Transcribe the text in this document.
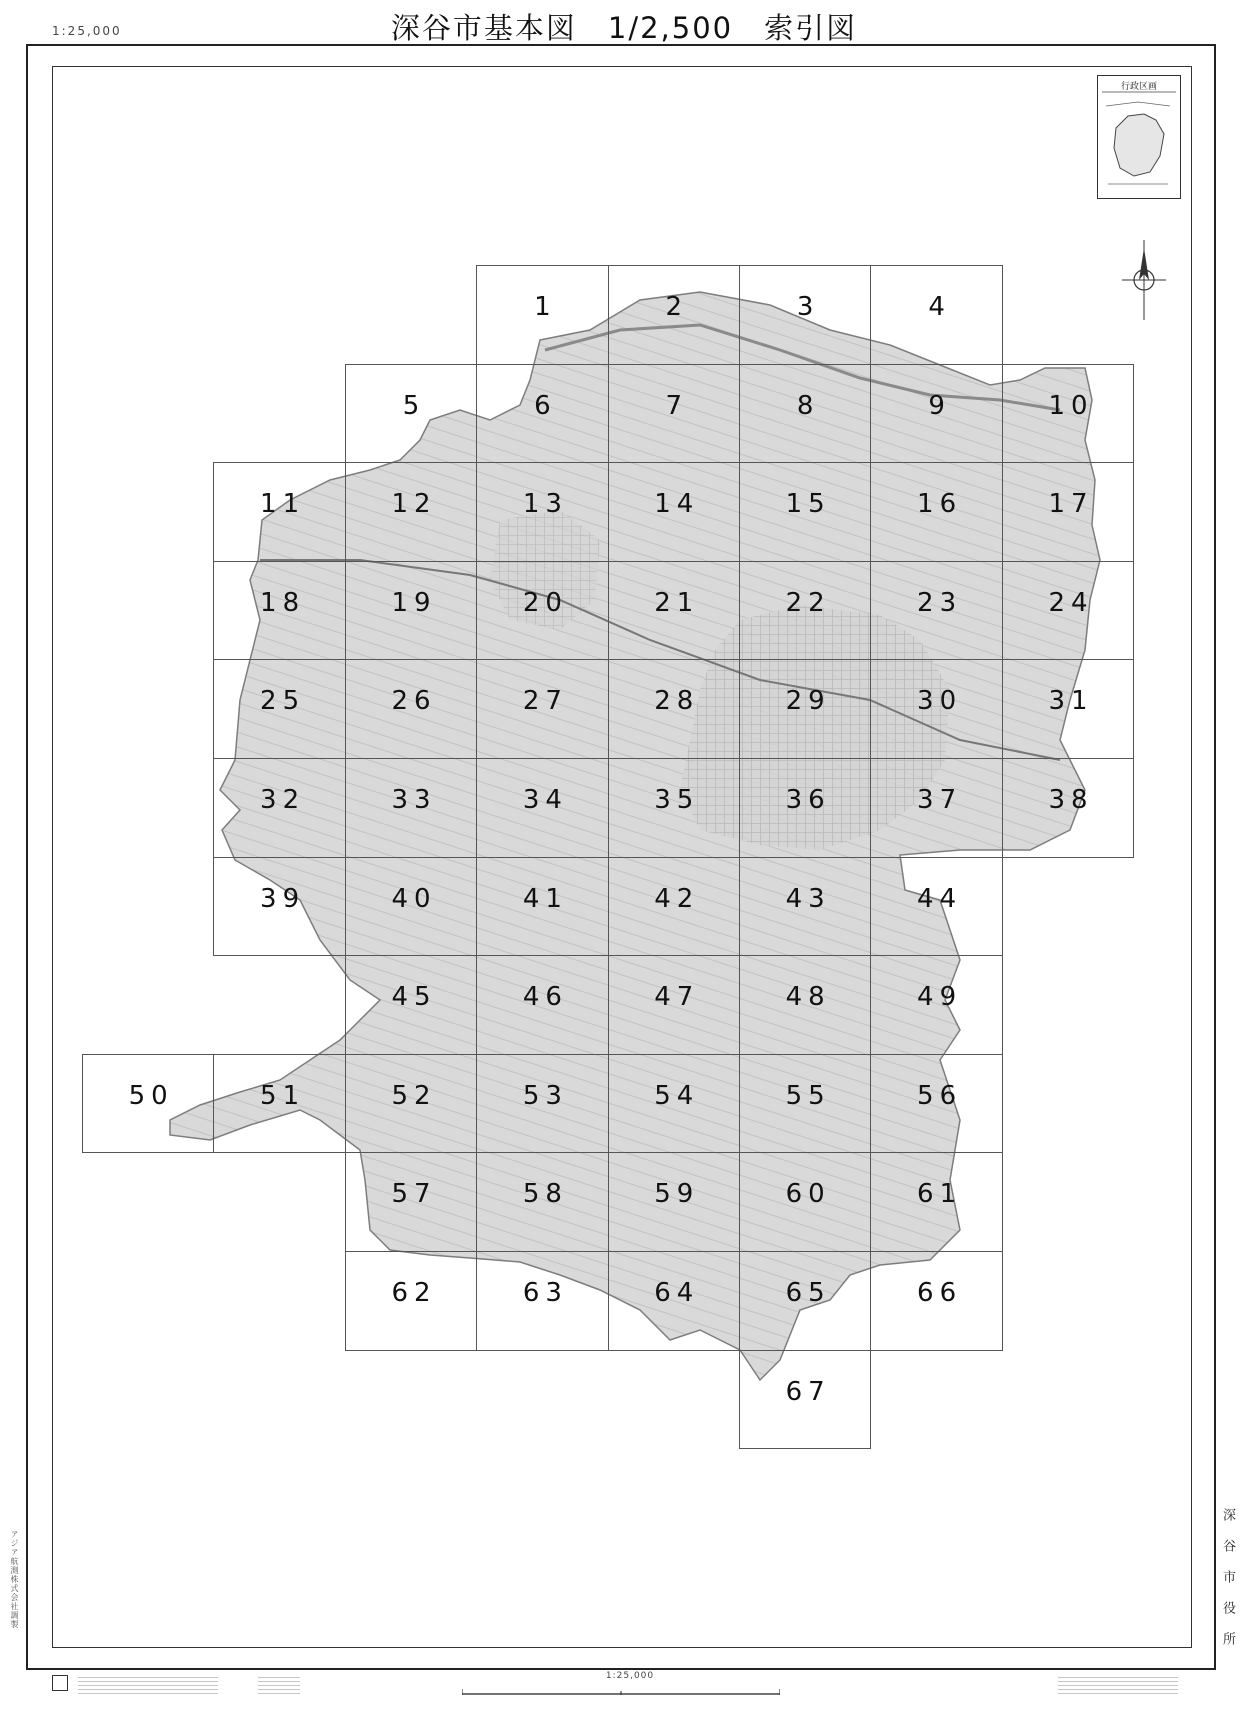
1:25,000	深谷市基本図　1/2,500　索引図
1	2	3	4
5	6	7	8	9	10
11	12	13	14	15	16	17
18	19	20	21	22	23	24
25	26	27	28	29	30	31
32	33	34	35	36	37	38
39	40	41	42	43	44
45	46	47	48	49
50	51	52	53	54	55	56
57	58	59	60	61
62	63	64	65	66
67
行政区画
深谷市役所
アジア航測株式会社調製
1:25,000
